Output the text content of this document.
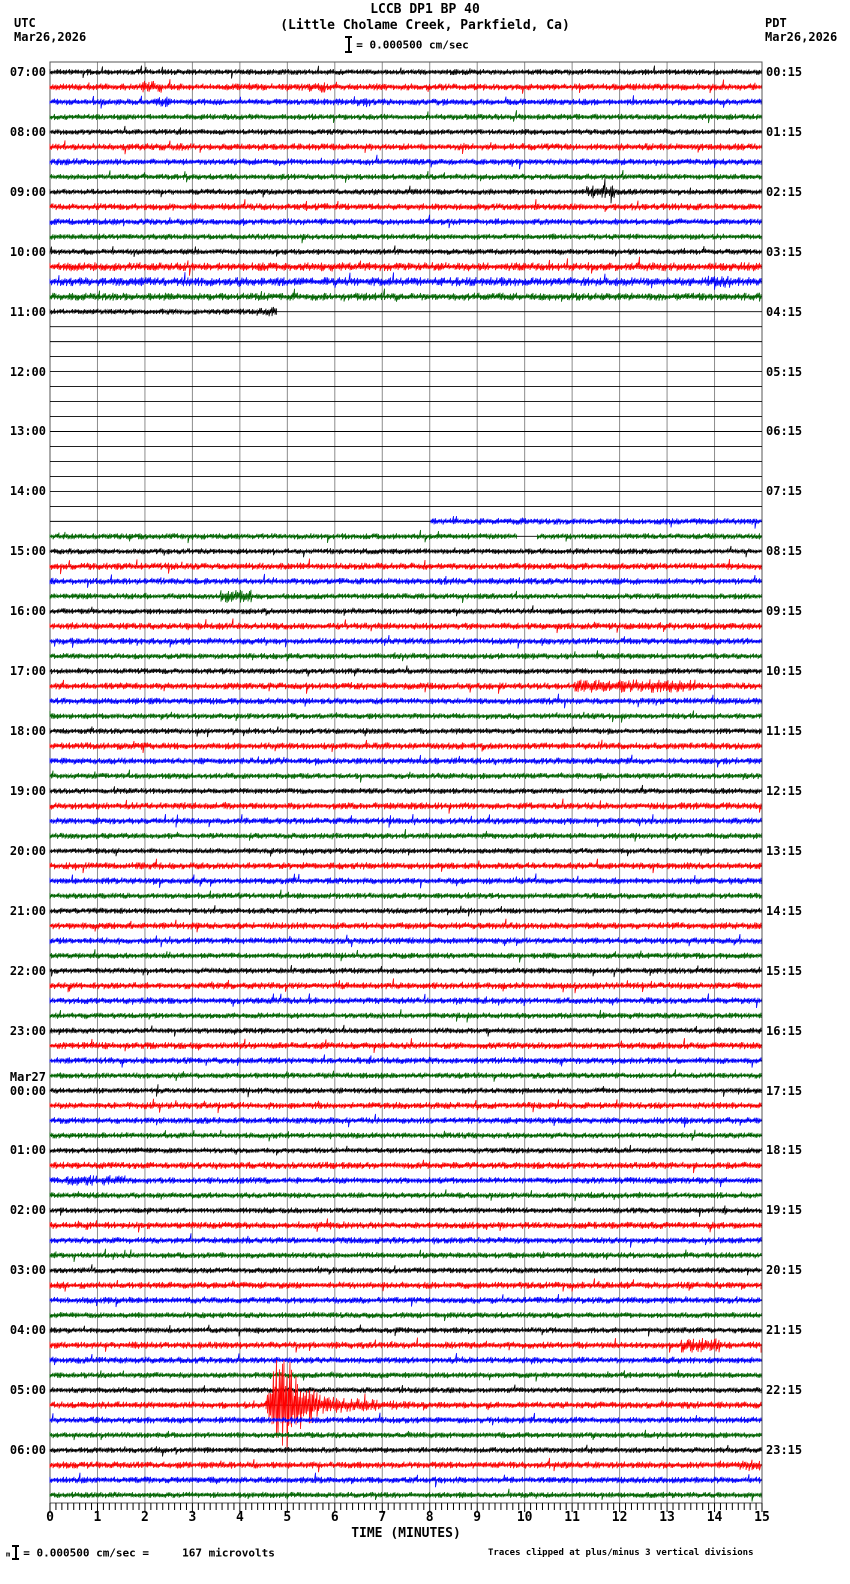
LCCB DP1 BP 40
(Little Cholame Creek, Parkfield, Ca)
= 0.000500 cm/sec
UTC
Mar26,2026
PDT
Mar26,2026
07:00
08:00
09:00
10:00
11:00
12:00
13:00
14:00
15:00
16:00
17:00
18:00
19:00
20:00
21:00
22:00
23:00
Mar27
00:00
01:00
02:00
03:00
04:00
05:00
06:00
00:15
01:15
02:15
03:15
04:15
05:15
06:15
07:15
08:15
09:15
10:15
11:15
12:15
13:15
14:15
15:15
16:15
17:15
18:15
19:15
20:15
21:15
22:15
23:15
0	1	2	3	4	5	6	7	8	9	10	11	12	13	14	15
TIME (MINUTES)
m = 0.000500 cm/sec =     167 microvolts	Traces clipped at plus/minus 3 vertical divisions
